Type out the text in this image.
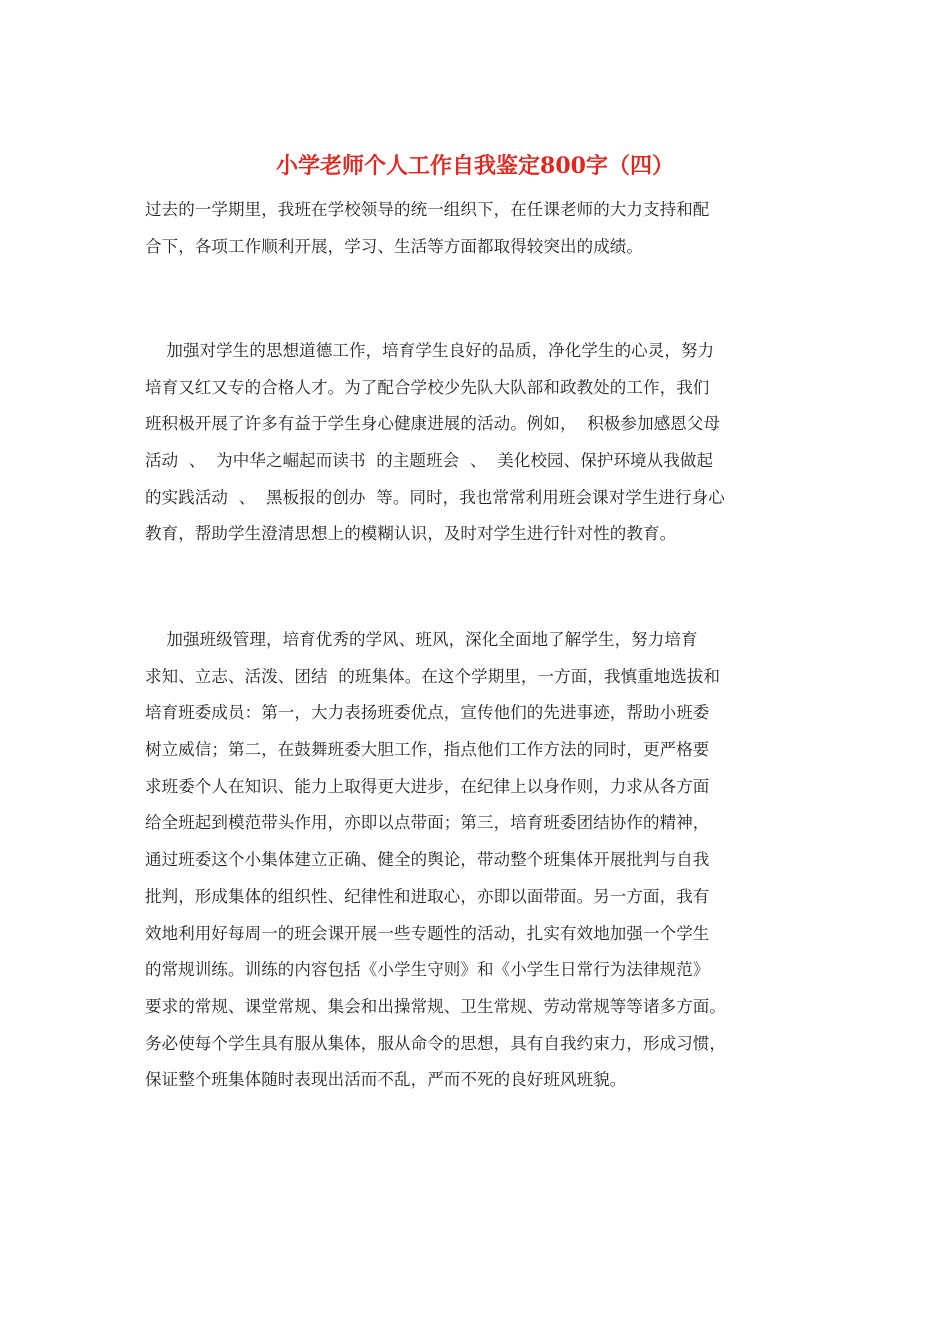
小学老师个人工作自我鉴定800字（四）
过去的一学期里，我班在学校领导的统一组织下，在任课老师的大力支持和配
合下，各项工作顺利开展，学习、生活等方面都取得较突出的成绩。
加强对学生的思想道德工作，培育学生良好的品质，净化学生的心灵，努力
培育又红又专的合格人才。为了配合学校少先队大队部和政教处的工作，我们
班积极开展了许多有益于学生身心健康进展的活动。例如，  积极参加感恩父母
活动  、  为中华之崛起而读书  的主题班会  、  美化校园、保护环境从我做起
的实践活动  、  黑板报的创办  等。同时，我也常常利用班会课对学生进行身心
教育，帮助学生澄清思想上的模糊认识，及时对学生进行针对性的教育。
加强班级管理，培育优秀的学风、班风，深化全面地了解学生，努力培育
求知、立志、活泼、团结  的班集体。在这个学期里，一方面，我慎重地选拔和
培育班委成员：第一，大力表扬班委优点，宣传他们的先进事迹，帮助小班委
树立威信；第二，在鼓舞班委大胆工作，指点他们工作方法的同时，更严格要
求班委个人在知识、能力上取得更大进步，在纪律上以身作则，力求从各方面
给全班起到模范带头作用，亦即以点带面；第三，培育班委团结协作的精神，
通过班委这个小集体建立正确、健全的舆论，带动整个班集体开展批判与自我
批判，形成集体的组织性、纪律性和进取心，亦即以面带面。另一方面，我有
效地利用好每周一的班会课开展一些专题性的活动，扎实有效地加强一个学生
的常规训练。训练的内容包括《小学生守则》和《小学生日常行为法律规范》
要求的常规、课堂常规、集会和出操常规、卫生常规、劳动常规等等诸多方面。
务必使每个学生具有服从集体，服从命令的思想，具有自我约束力，形成习惯，
保证整个班集体随时表现出活而不乱，严而不死的良好班风班貌。
